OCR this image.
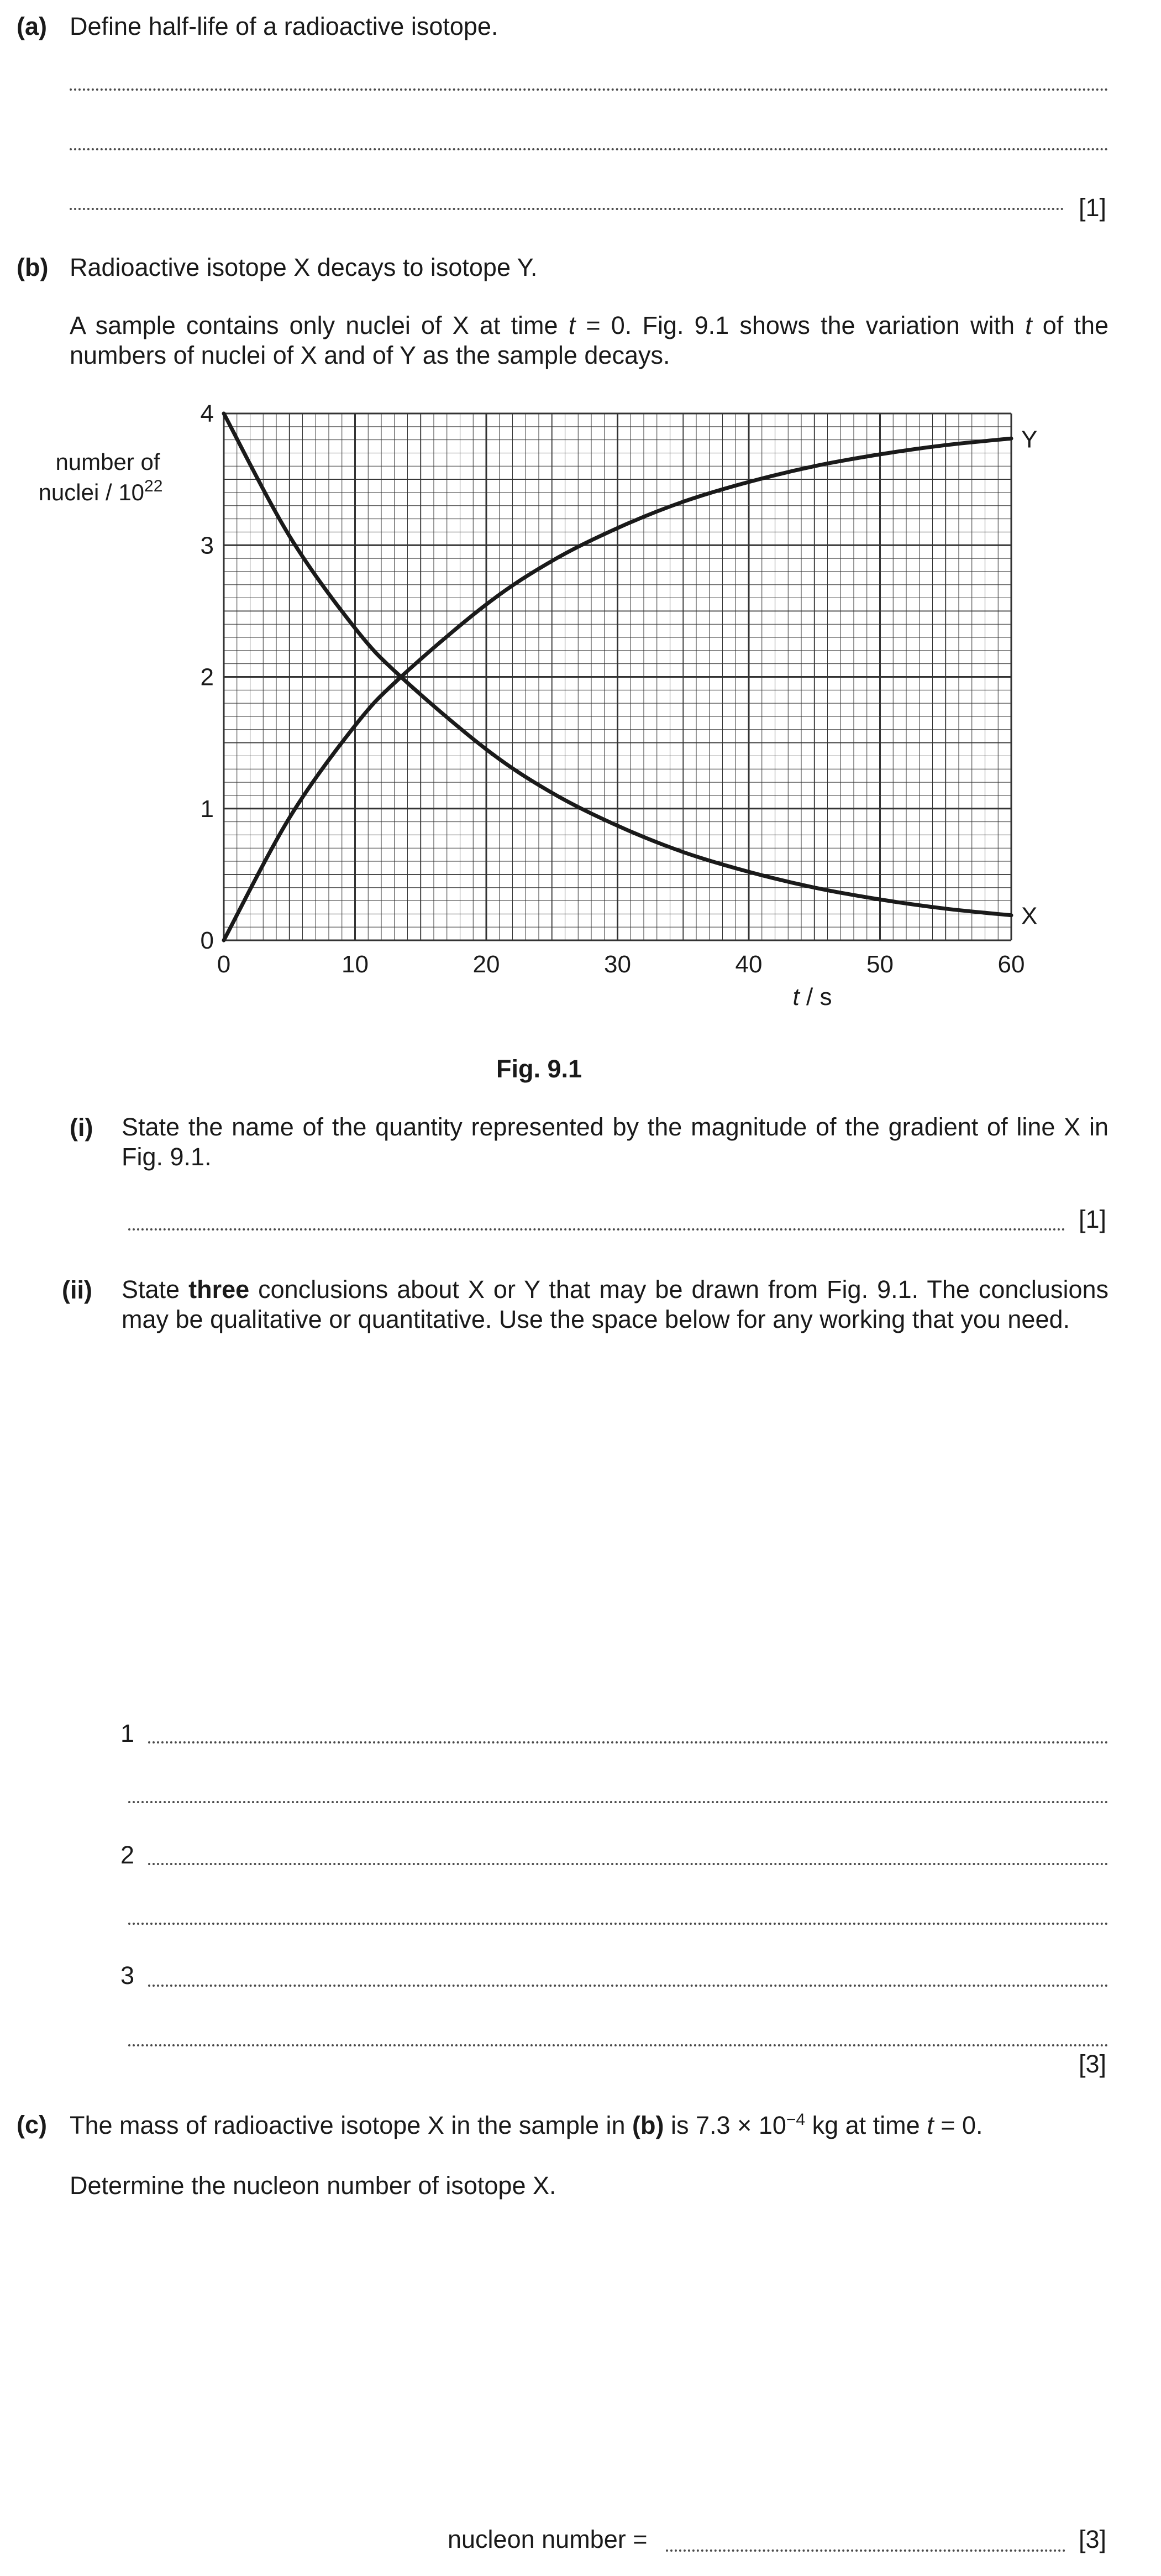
(a) Define half-life of a radioactive isotope.
[1]
(b) Radioactive isotope X decays to isotope Y.
A sample contains only nuclei of X at time t = 0. Fig. 9.1 shows the variation with t of the numbers of nuclei of X and of Y as the sample decays.
0	10	20	30	40	50	60
0
1
2
3
4
number of
nuclei / $10^{22}$
t / s
Y
X
Fig. 9.1
(i) State the name of the quantity represented by the magnitude of the gradient of line X in Fig. 9.1.
[1]
(ii) State three conclusions about X or Y that may be drawn from Fig. 9.1. The conclusions may be qualitative or quantitative. Use the space below for any working that you need.
1
2
3
[3]
(c) The mass of radioactive isotope X in the sample in (b) is $7.3 \times 10^{-4}$ kg at time t = 0.
Determine the nucleon number of isotope X.
nucleon number =	[3]
